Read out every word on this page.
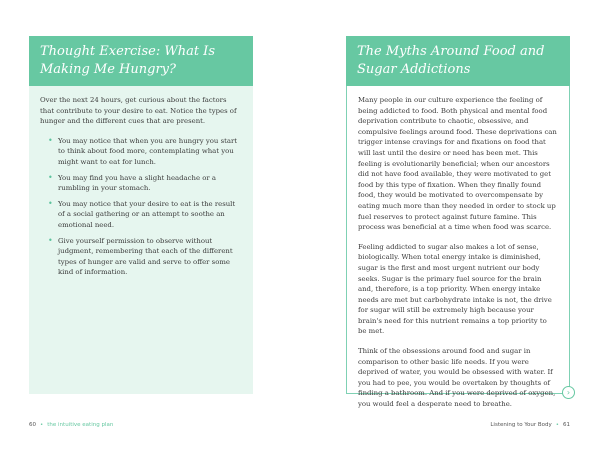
Thought Exercise: What Is Making Me Hungry?

Over the next 24 hours, get curious about the factors that contribute to your desire to eat. Notice the types of hunger and the different cues that are present.

• You may notice that when you are hungry you start to think about food more, contemplating what you might want to eat for lunch.
• You may find you have a slight headache or a rumbling in your stomach.
• You may notice that your desire to eat is the result of a social gathering or an attempt to soothe an emotional need.
• Give yourself permission to observe without judgment, remembering that each of the different types of hunger are valid and serve to offer some kind of information.
60 • the intuitive eating plan
The Myths Around Food and Sugar Addictions

Many people in our culture experience the feeling of being addicted to food. Both physical and mental food deprivation contribute to chaotic, obsessive, and compulsive feelings around food. These deprivations can trigger intense cravings for and fixations on food that will last until the desire or need has been met. This feeling is evolutionarily beneficial; when our ancestors did not have food available, they were motivated to get food by this type of fixation. When they finally found food, they would be motivated to overcompensate by eating much more than they needed in order to stock up fuel reserves to protect against future famine. This process was beneficial at a time when food was scarce.

Feeling addicted to sugar also makes a lot of sense, biologically. When total energy intake is diminished, sugar is the first and most urgent nutrient our body seeks. Sugar is the primary fuel source for the brain and, therefore, is a top priority. When energy intake needs are met but carbohydrate intake is not, the drive for sugar will still be extremely high because your brain's need for this nutrient remains a top priority to be met.

Think of the obsessions around food and sugar in comparison to other basic life needs. If you were deprived of water, you would be obsessed with water. If you had to pee, you would be overtaken by thoughts of finding a bathroom. And if you were deprived of oxygen, you would feel a desperate need to breathe.

›
Listening to Your Body • 61
